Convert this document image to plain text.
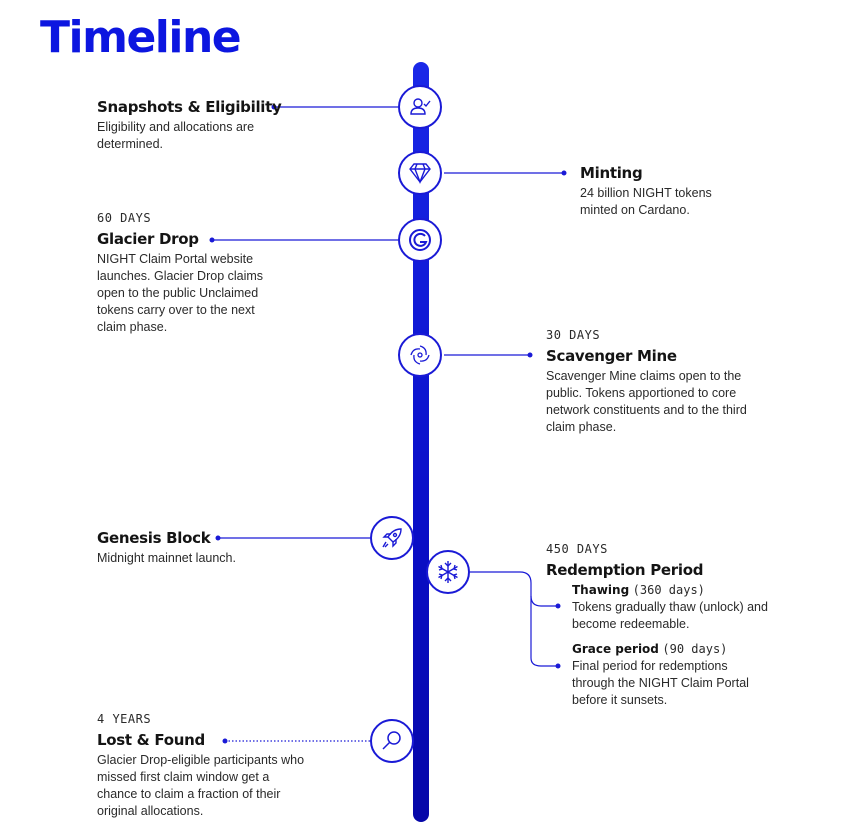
Timeline
Snapshots & Eligibility
Eligibility and allocations are determined.
Minting
24 billion NIGHT tokens minted on Cardano.
60 DAYS
Glacier Drop
NIGHT Claim Portal website launches. Glacier Drop claims open to the public Unclaimed tokens carry over to the next claim phase.
30 DAYS
Scavenger Mine
Scavenger Mine claims open to the public. Tokens apportioned to core network constituents and to the third claim phase.
Genesis Block
Midnight mainnet launch.
450 DAYS
Redemption Period
Thawing (360 days)
Tokens gradually thaw (unlock) and become redeemable.
Grace period (90 days)
Final period for redemptions through the NIGHT Claim Portal before it sunsets.
4 YEARS
Lost & Found
Glacier Drop-eligible participants who missed first claim window get a chance to claim a fraction of their original allocations.
